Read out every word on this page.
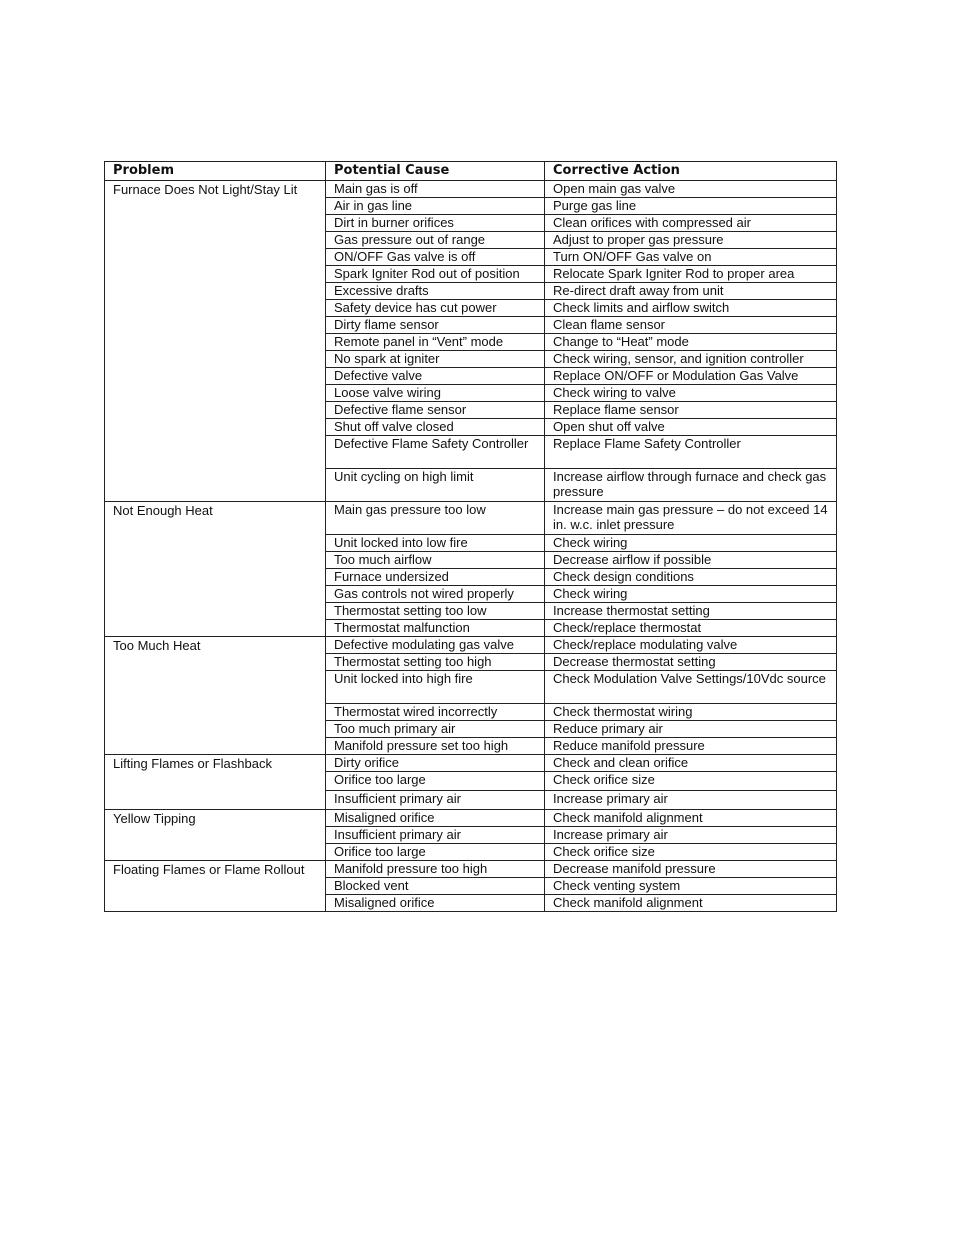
Problem	Potential Cause	Corrective Action
Furnace Does Not Light/Stay Lit	Main gas is off	Open main gas valve
	Air in gas line	Purge gas line
	Dirt in burner orifices	Clean orifices with compressed air
	Gas pressure out of range	Adjust to proper gas pressure
	ON/OFF Gas valve is off	Turn ON/OFF Gas valve on
	Spark Igniter Rod out of position	Relocate Spark Igniter Rod to proper area
	Excessive drafts	Re-direct draft away from unit
	Safety device has cut power	Check limits and airflow switch
	Dirty flame sensor	Clean flame sensor
	Remote panel in “Vent” mode	Change to “Heat” mode
	No spark at igniter	Check wiring, sensor, and ignition controller
	Defective valve	Replace ON/OFF or Modulation Gas Valve
	Loose valve wiring	Check wiring to valve
	Defective flame sensor	Replace flame sensor
	Shut off valve closed	Open shut off valve
	Defective Flame Safety Controller	Replace Flame Safety Controller
	Unit cycling on high limit	Increase airflow through furnace and check gas pressure
Not Enough Heat	Main gas pressure too low	Increase main gas pressure – do not exceed 14 in. w.c. inlet pressure
	Unit locked into low fire	Check wiring
	Too much airflow	Decrease airflow if possible
	Furnace undersized	Check design conditions
	Gas controls not wired properly	Check wiring
	Thermostat setting too low	Increase thermostat setting
	Thermostat malfunction	Check/replace thermostat
Too Much Heat	Defective modulating gas valve	Check/replace modulating valve
	Thermostat setting too high	Decrease thermostat setting
	Unit locked into high fire	Check Modulation Valve Settings/10Vdc source
	Thermostat wired incorrectly	Check thermostat wiring
	Too much primary air	Reduce primary air
	Manifold pressure set too high	Reduce manifold pressure
Lifting Flames or Flashback	Dirty orifice	Check and clean orifice
	Orifice too large	Check orifice size
	Insufficient primary air	Increase primary air
Yellow Tipping	Misaligned orifice	Check manifold alignment
	Insufficient primary air	Increase primary air
	Orifice too large	Check orifice size
Floating Flames or Flame Rollout	Manifold pressure too high	Decrease manifold pressure
	Blocked vent	Check venting system
	Misaligned orifice	Check manifold alignment
